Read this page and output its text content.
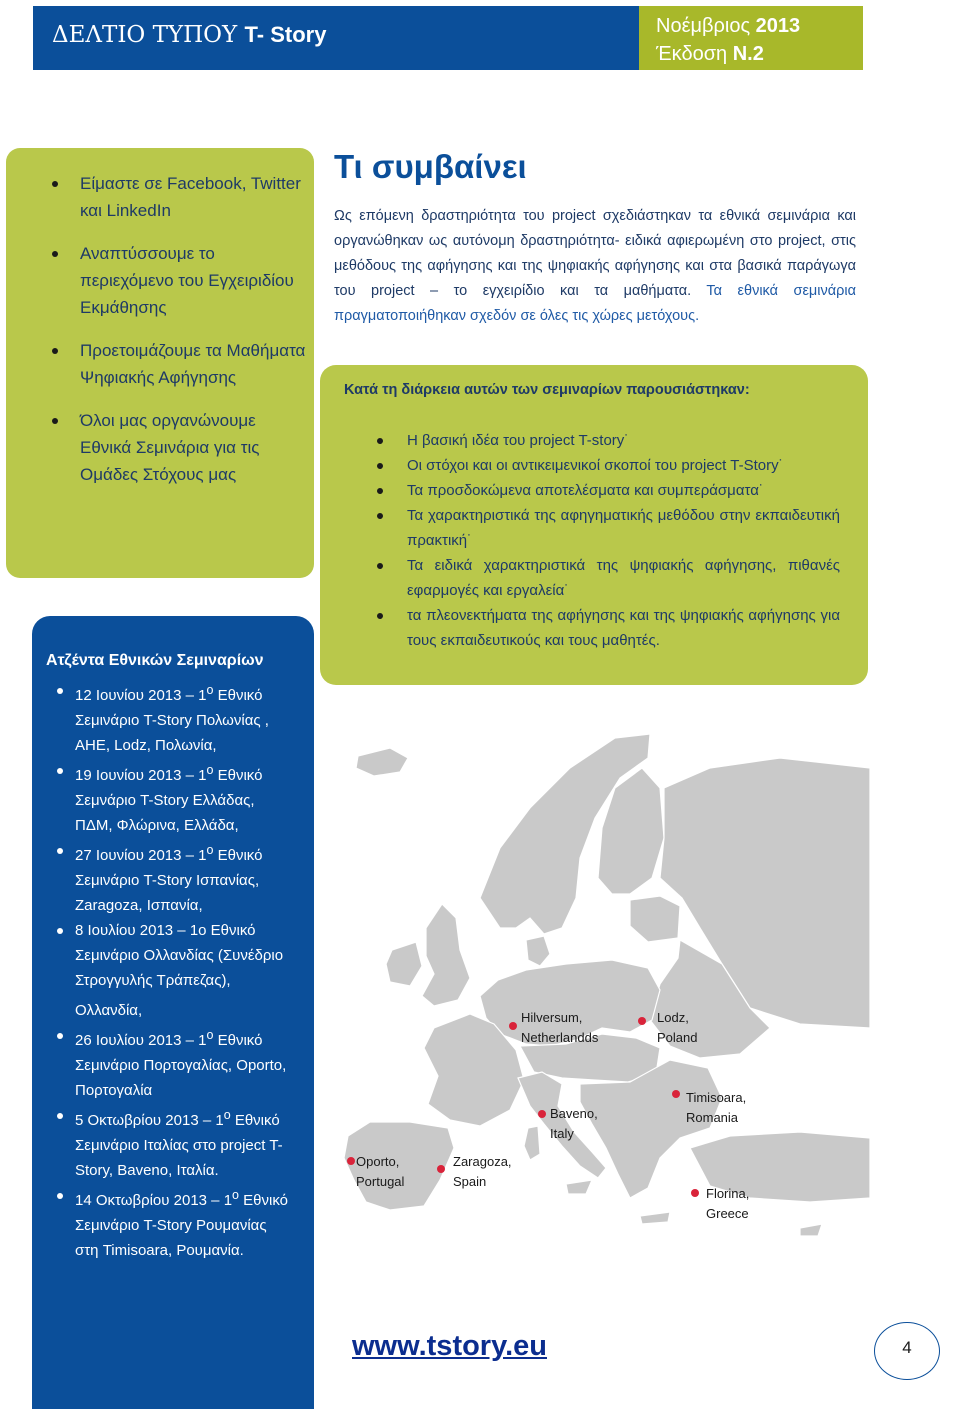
ΔΕΛΤΙΟ ΤΥΠΟΥ T- Story	Νοέμβριος 2013
Έκδοση Ν.2
Είμαστε σε Facebook, Twitter και LinkedIn
Αναπτύσσουμε το περιεχόμενο του Εγχειριδίου Εκμάθησης
Προετοιμάζουμε τα Μαθήματα Ψηφιακής Αφήγησης
Όλοι μας οργανώνουμε Εθνικά Σεμινάρια για τις Ομάδες Στόχους μας
Ατζέντα Εθνικών Σεμιναρίων
12 Ιουνίου $2013 - 1^o$ Εθνικό Σεμινάριο T-Story Πολωνίας , AHE, Lodz, Πολωνία,
19 Ιουνίου $2013 - 1^o$ Εθνικό Σεμνάριο T-Story Ελλάδας, ΠΔΜ, Φλώρινα, Ελλάδα,
27 Ιουνίου $2013 - 1^o$ Εθνικό Σεμινάριο T-Story Ισπανίας, Zaragoza, Ισπανία,
8 Ιουλίου 2013 – 1ο Εθνικό Σεμινάριο Ολλανδίας (Συνέδριο Στρογγυλής Τράπεζας), Ολλανδία,
26 Ιουλίου $2013 - 1^o$ Εθνικό Σεμινάριο Πορτογαλίας, Oporto, Πορτογαλία
5 Οκτωβρίου $2013 - 1^o$ Εθνικό Σεμινάριο Ιταλίας στο project T-Story, Baveno, Ιταλία.
14 Οκτωβρίου $2013 - 1^o$ Εθνικό Σεμινάριο T-Story Ρουμανίας στη Timisoara, Ρουμανία.
Τι συμβαίνει

Ως επόμενη δραστηριότητα του project σχεδιάστηκαν τα εθνικά σεμινάρια και οργανώθηκαν ως αυτόνομη δραστηριότητα- ειδικά αφιερωμένη στο project, στις μεθόδους της αφήγησης και της ψηφιακής αφήγησης και στα βασικά παράγωγα του project – το εγχειρίδιο και τα μαθήματα. Τα εθνικά σεμινάρια πραγματοποιήθηκαν σχεδόν σε όλες τις χώρες μετόχους.

Κατά τη διάρκεια αυτών των σεμιναρίων παρουσιάστηκαν:
Η βασική ιδέα του project T-story˙
Οι στόχοι και οι αντικειμενικοί σκοποί του project T-Story˙
Τα προσδοκώμενα αποτελέσματα και συμπεράσματα˙
Τα χαρακτηριστικά της αφηγηματικής μεθόδου στην εκπαιδευτική πρακτική˙
Τα ειδικά χαρακτηριστικά της ψηφιακής αφήγησης, πιθανές εφαρμογές και εργαλεία˙
τα πλεονεκτήματα της αφήγησης και της ψηφιακής αφήγησης για τους εκπαιδευτικούς και τους μαθητές.
Hilversum,
Netherlandds
Lodz,
Poland
Timisoara,
Romania
Baveno,
Italy
Oporto,
Portugal
Zaragoza,
Spain
Florina,
Greece
www.tstory.eu	4
